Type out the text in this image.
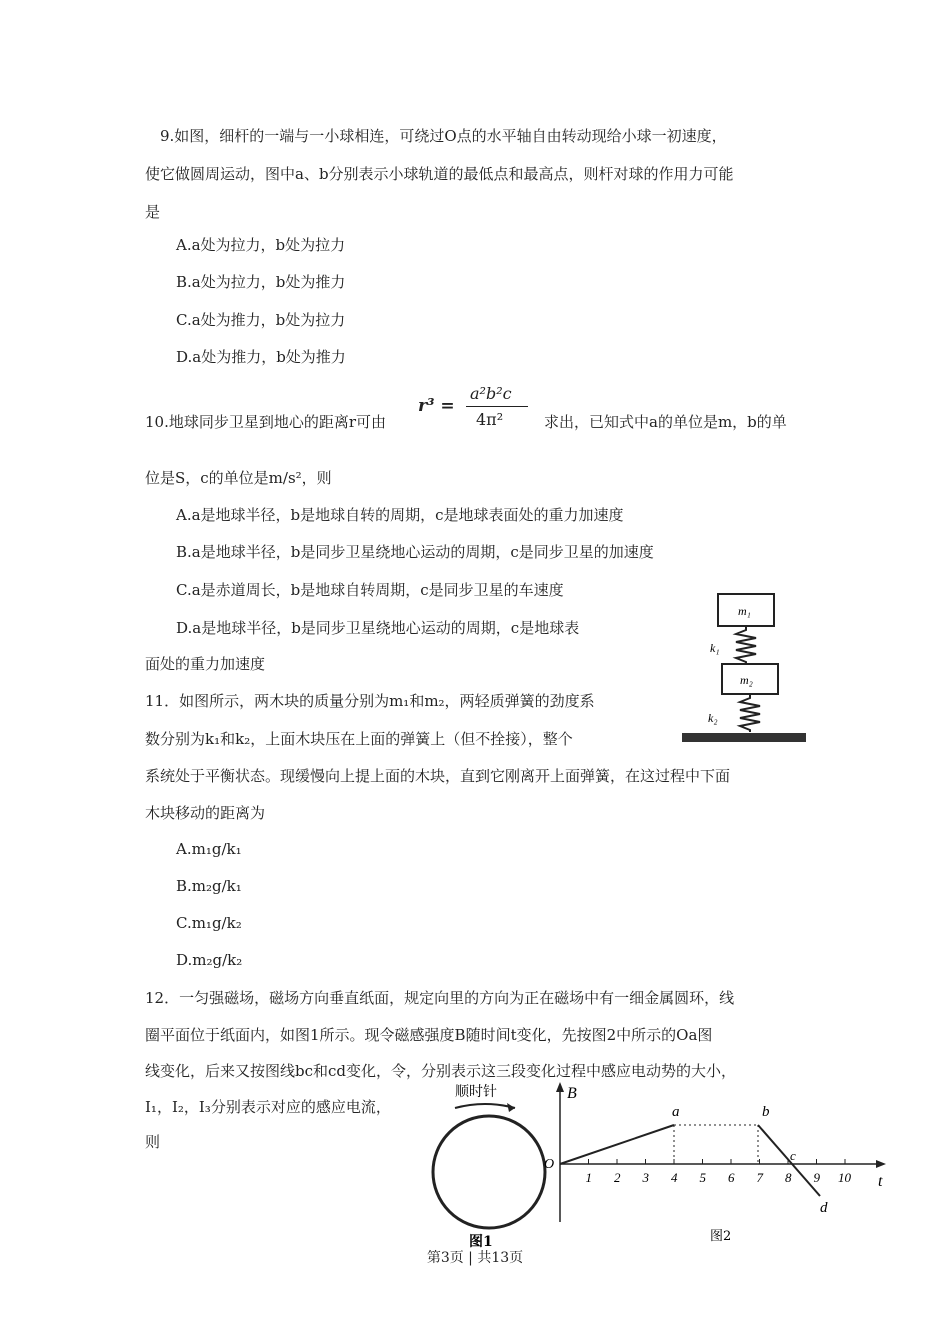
9.如图，细杆的一端与一小球相连，可绕过O点的水平轴自由转动现给小球一初速度，
使它做圆周运动，图中a、b分别表示小球轨道的最低点和最高点，则杆对球的作用力可能
是
A.a处为拉力，b处为拉力
B.a处为拉力，b处为推力
C.a处为推力，b处为拉力
D.a处为推力，b处为推力
10.地球同步卫星到地心的距离r可由
r³ =
a²b²c
4π²	求出，已知式中a的单位是m，b的单
位是S，c的单位是m/s²，则
A.a是地球半径，b是地球自转的周期，c是地球表面处的重力加速度
B.a是地球半径，b是同步卫星绕地心运动的周期，c是同步卫星的加速度
C.a是赤道周长，b是地球自转周期，c是同步卫星的车速度
D.a是地球半径，b是同步卫星绕地心运动的周期，c是地球表
面处的重力加速度
11．如图所示，两木块的质量分别为m₁和m₂，两轻质弹簧的劲度系
数分别为k₁和k₂，上面木块压在上面的弹簧上（但不拴接），整个
系统处于平衡状态。现缓慢向上提上面的木块，直到它刚离开上面弹簧，在这过程中下面
木块移动的距离为
A.m₁g/k₁
B.m₂g/k₁
C.m₁g/k₂
D.m₂g/k₂
m₁
k₁
m₂
k₂
12．一匀强磁场，磁场方向垂直纸面，规定向里的方向为正在磁场中有一细金属圆环，线
圈平面位于纸面内，如图1所示。现令磁感强度B随时间t变化，先按图2中所示的Oa图
线变化，后来又按图线bc和cd变化，令，分别表示这三段变化过程中感应电动势的大小，
I₁，I₂，I₃分别表示对应的感应电流，
则
顺时针
图1
B
t
O
1 2 3 4 5 6 7 8 9 10
a	b
c
d
图2
第3页 | 共13页
